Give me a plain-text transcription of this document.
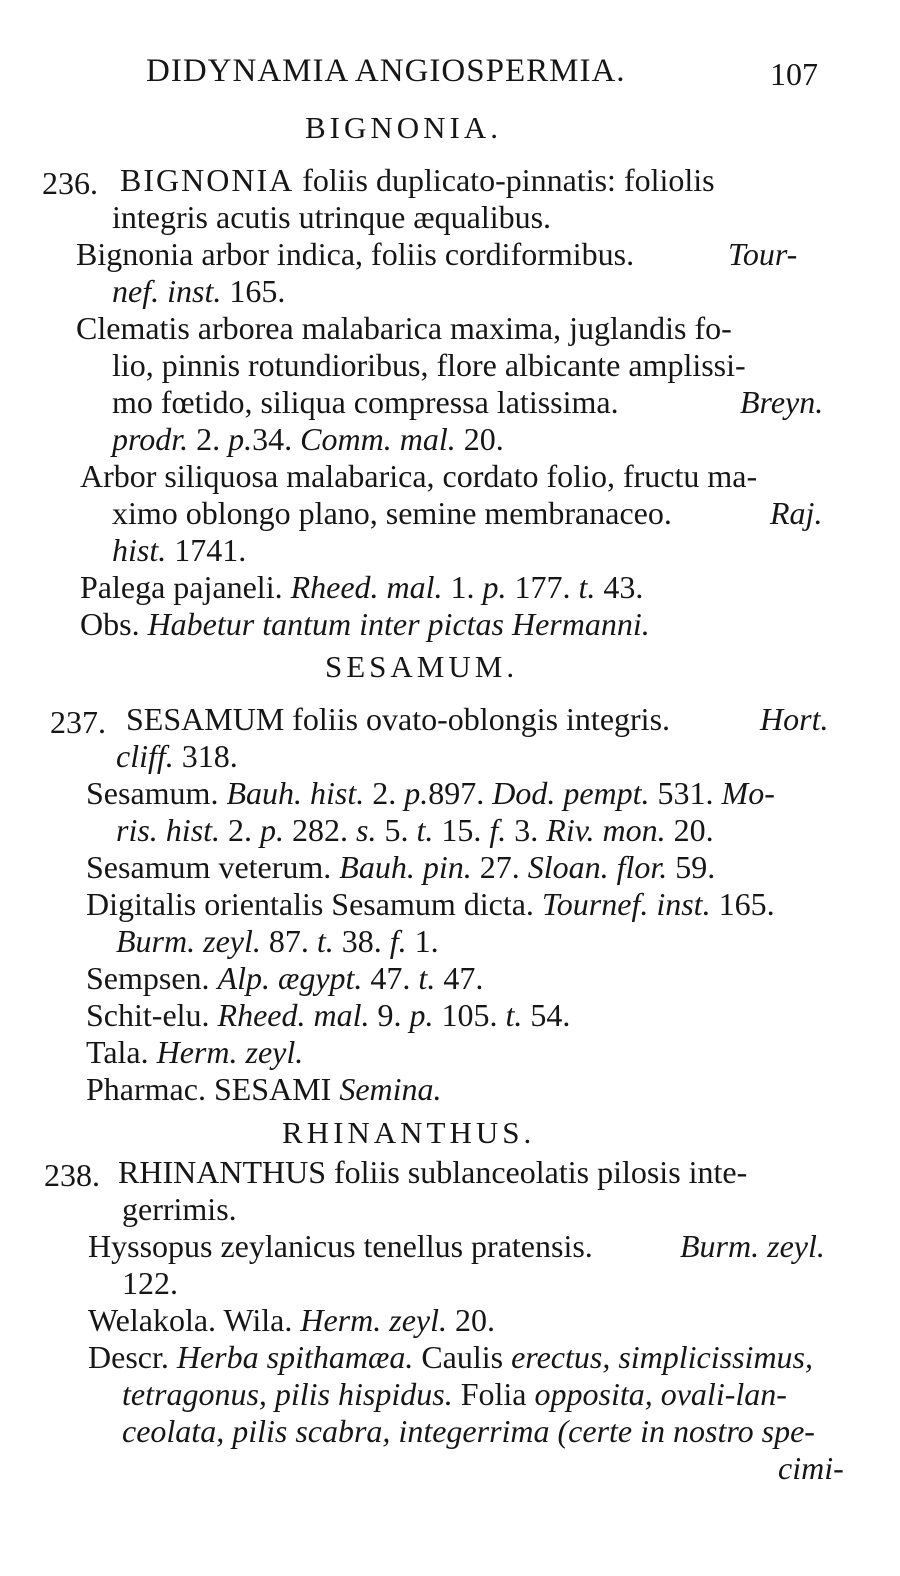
DIDYNAMIA ANGIOSPERMIA.	107
BIGNONIA.
236. BIGNONIA foliis duplicato-pinnatis: foliolis
integris acutis utrinque æqualibus.
Bignonia arbor indica, foliis cordiformibus.	Tour-
nef. inst. 165.
Clematis arborea malabarica maxima, juglandis fo-
lio, pinnis rotundioribus, flore albicante amplissi-
mo fœtido, siliqua compressa latissima.	Breyn.
prodr. 2. p.34. Comm. mal. 20.
Arbor siliquosa malabarica, cordato folio, fructu ma-
ximo oblongo plano, semine membranaceo.	Raj.
hist. 1741.
Palega pajaneli. Rheed. mal. 1. p. 177. t. 43.
Obs. Habetur tantum inter pictas Hermanni.
SESAMUM.
237. SESAMUM foliis ovato-oblongis integris.	Hort.
cliff. 318.
Sesamum. Bauh. hist. 2. p.897. Dod. pempt. 531. Mo-
ris. hist. 2. p. 282. s. 5. t. 15. f. 3. Riv. mon. 20.
Sesamum veterum. Bauh. pin. 27. Sloan. flor. 59.
Digitalis orientalis Sesamum dicta. Tournef. inst. 165.
Burm. zeyl. 87. t. 38. f. 1.
Sempsen. Alp. ægypt. 47. t. 47.
Schit-elu. Rheed. mal. 9. p. 105. t. 54.
Tala. Herm. zeyl.
Pharmac. SESAMI Semina.
RHINANTHUS.
238. RHINANTHUS foliis sublanceolatis pilosis inte-
gerrimis.
Hyssopus zeylanicus tenellus pratensis.	Burm. zeyl.
122.
Welakola. Wila. Herm. zeyl. 20.
Descr. Herba spithamæa. Caulis erectus, simplicissimus,
tetragonus, pilis hispidus. Folia opposita, ovali-lan-
ceolata, pilis scabra, integerrima (certe in nostro spe-
cimi-
